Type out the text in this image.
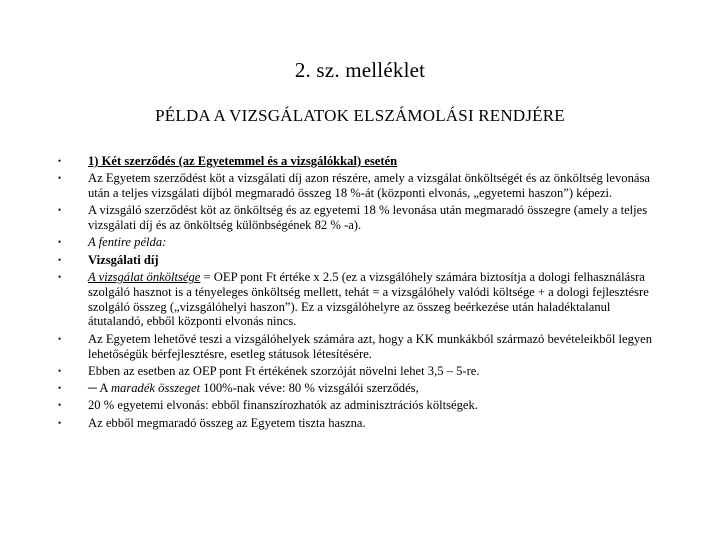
2. sz. melléklet
PÉLDA A VIZSGÁLATOK ELSZÁMOLÁSI RENDJÉRE
•	1) Két szerződés (az Egyetemmel és a vizsgálókkal) esetén
•	Az Egyetem szerződést köt a vizsgálati díj azon részére, amely a vizsgálat önköltségét és az önköltség levonása után a teljes vizsgálati díjból megmaradó összeg 18 %-át (központi elvonás, „egyetemi haszon”) képezi.
•	A vizsgáló szerződést köt az önköltség és az egyetemi 18 % levonása után megmaradó összegre (amely a teljes vizsgálati díj és az önköltség különbségének 82 % -a).
•	A fentire példa:
•	Vizsgálati díj
•	A vizsgálat önköltsége = OEP pont Ft értéke x 2.5 (ez a vizsgálóhely számára biztosítja a dologi felhasználásra szolgáló hasznot is a tényeleges önköltség mellett, tehát = a vizsgálóhely valódi költsége + a dologi fejlesztésre szolgáló összeg („vizsgálóhelyi haszon”). Ez a vizsgálóhelyre az összeg beérkezése után haladéktalanul átutalandó, ebből központi elvonás nincs.
•	Az Egyetem lehetővé teszi a vizsgálóhelyek számára azt, hogy a KK munkákból származó bevételeikből legyen lehetőségük bérfejlesztésre, esetleg státusok létesítésére.
•	Ebben az esetben az OEP pont Ft értékének szorzóját növelni lehet 3,5 – 5-re.
•	─ A maradék összeget 100%-nak véve: 80 % vizsgálói szerződés,
•	20 % egyetemi elvonás: ebből finanszírozhatók az adminisztrációs költségek.
•	Az ebből megmaradó összeg az Egyetem tiszta haszna.
